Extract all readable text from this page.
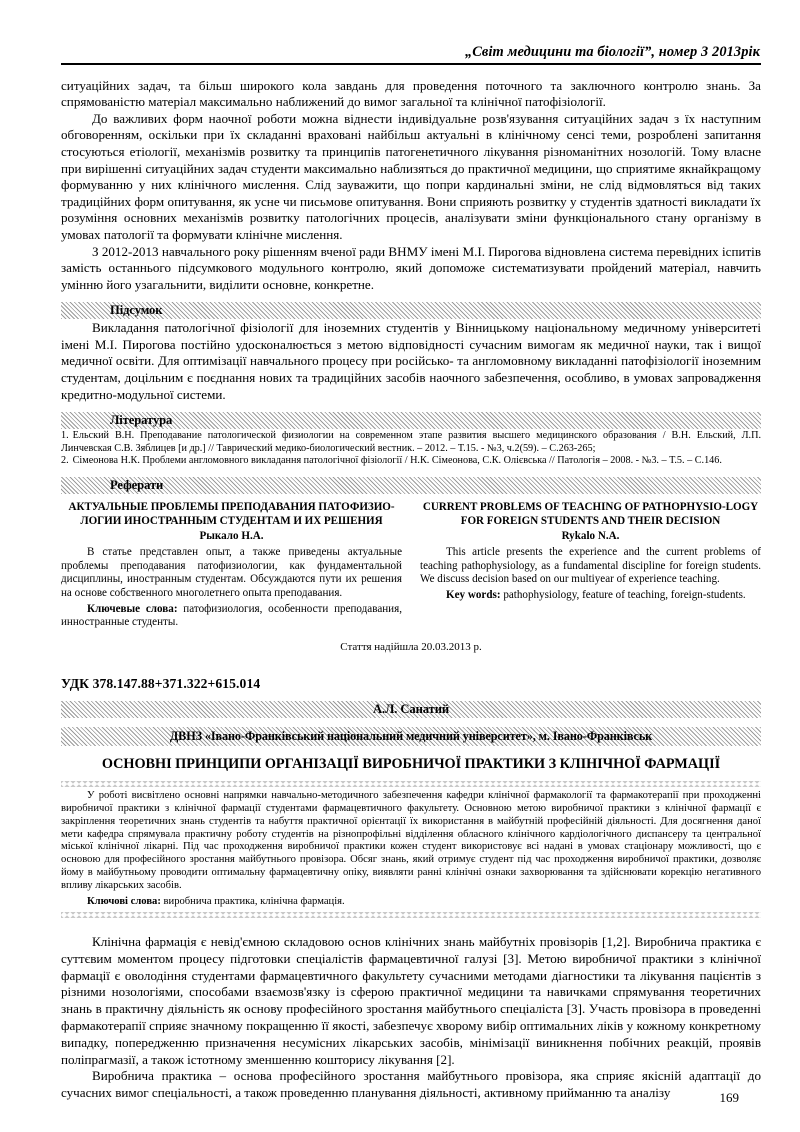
„Світ медицини та біології”, номер 3 2013рік

ситуаційних задач, та більш широкого кола завдань для проведення поточного та заключного контролю знань. За спрямованістю матеріал максимально наближений до вимог загальної та клінічної патофізіології.

До важливих форм наочної роботи можна віднести індивідуальне розв'язування ситуаційних задач з їх наступним обговоренням, оскільки при їх складанні враховані найбільш актуальні в клінічному сенсі теми, розроблені запитання стосуються етіології, механізмів розвитку та принципів патогенетичного лікування різноманітних нозологій. Тому власне при вирішенні ситуаційних задач студенти максимально наблизяться до практичної медицини, що сприятиме якнайкращому формуванню у них клінічного мислення. Слід зауважити, що попри кардинальні зміни, не слід відмовляться від таких традиційних форм опитування, як усне чи письмове опитування. Вони сприяють розвитку у студентів здатності викладати їх розуміння основних механізмів розвитку патологічних процесів, аналізувати зміни функціонального стану організму в умовах патології та формувати клінічне мислення.

З 2012-2013 навчального року рішенням вченої ради ВНМУ імені М.І. Пирогова відновлена система перевідних іспитів замість останнього підсумкового модульного контролю, який допоможе систематизувати пройдений матеріал, навчить умінню його узагальнити, виділити основне, конкретне.

Підсумок

Викладання патологічної фізіології для іноземних студентів у Вінницькому національному медичному університеті імені М.І. Пирогова постійно удосконалюється з метою відповідності сучасним вимогам як медичної науки, так і вищої медичної освіти. Для оптимізації навчального процесу при російсько- та англомовному викладанні патофізіології іноземним студентам, доцільним є поєднання нових та традиційних засобів наочного забезпечення, особливо, в умовах запровадження кредитно-модульної системи.

Література

1. Ельский В.Н. Преподавание патологической физиологии на современном этапе развития высшего медицинского образования / В.Н. Ельский, Л.П. Линчевская С.В. Зяблицев [и др.] // Таврический медико-биологический вестник. – 2012. – Т.15. - №3, ч.2(59). – С.263-265;

2. Сімеонова Н.К. Проблеми англомовного викладання патологічної фізіології / Н.К. Сімеонова, С.К. Олієвська // Патологія – 2008. - №3. – Т.5. – С.146.

Реферати
АКТУАЛЬНЫЕ ПРОБЛЕМЫ ПРЕПОДАВАНИЯ ПАТОФИЗИО-ЛОГИИ ИНОСТРАННЫМ СТУДЕНТАМ И ИХ РЕШЕНИЯ
Рыкало Н.А.

В статье представлен опыт, а также приведены актуальные проблемы преподавания патофизиологии, как фундаментальной дисциплины, иностранным студентам. Обсуждаются пути их решения на основе собственного многолетнего опыта преподавания.

Ключевые слова: патофизиология, особенности преподавания, инностранные студенты.

CURRENT PROBLEMS OF TEACHING OF PATHOPHYSIO-LOGY FOR FOREIGN STUDENTS AND THEIR DECISION
Rykalo N.A.

This article presents the experience and the current problems of teaching pathophysiology, as a fundamental discipline for foreign students. We discuss decision based on our multiyear of experience teaching.

Key words: pathophysiology, feature of teaching, foreign-students.

Стаття надійшла 20.03.2013 р.
УДК 378.147.88+371.322+615.014
А.Л. Санатий
ДВНЗ «Івано-Франківський національний медичний університет», м. Івано-Франківськ
ОСНОВНІ ПРИНЦИПИ ОРГАНІЗАЦІЇ ВИРОБНИЧОЇ ПРАКТИКИ З КЛІНІЧНОЇ ФАРМАЦІЇ

У роботі висвітлено основні напрямки навчально-методичного забезпечення кафедри клінічної фармакології та фармакотерапії при проходженні виробничої практики з клінічної фармації студентами фармацевтичного факультету. Основною метою виробничої практики з клінічної фармації є закріплення теоретичних знань студентів та набуття практичної орієнтації їх використання в майбутній професійній діяльності. Для досягнення даної мети кафедра спрямувала практичну роботу студентів на різнопрофільні відділення обласного клінічного кардіологічного диспансеру та центральної міської клінічної лікарні. Під час проходження виробничої практики кожен студент використовує всі надані в умовах стаціонару можливості, що є основою для професійного зростання майбутнього провізора. Обсяг знань, який отримує студент під час проходження виробничої практики, дозволяє йому в майбутньому проводити оптимальну фармацевтичну опіку, виявляти ранні клінічні ознаки захворювання та здійснювати корекцію негативного впливу лікарських засобів.

Ключові слова: виробнича практика, клінічна фармація.

Клінічна фармація є невід'ємною складовою основ клінічних знань майбутніх провізорів [1,2]. Виробнича практика є суттєвим моментом процесу підготовки спеціалістів фармацевтичної галузі [3]. Метою виробничої практики з клінічної фармації є оволодіння студентами фармацевтичного факультету сучасними методами діагностики та лікування пацієнтів з різними нозологіями, способами взаємозв'язку із сферою практичної медицини та навичками спрямування теоретичних знань в практичну діяльність як основу професійного зростання майбутнього спеціаліста [3]. Участь провізора в проведенні фармакотерапії сприяє значному покращенню її якості, забезпечує хворому вибір оптимальних ліків у кожному конкретному випадку, попередженню призначення несумісних лікарських засобів, мінімізації виникнення побічних реакцій, проявів поліпрагмазії, а також істотному зменшенню кошторису лікування [2].

Виробнича практика – основа професійного зростання майбутнього провізора, яка сприяє якісній адаптації до сучасних вимог спеціальності, а також проведенню планування діяльності, активному прийманню та аналізу	169
